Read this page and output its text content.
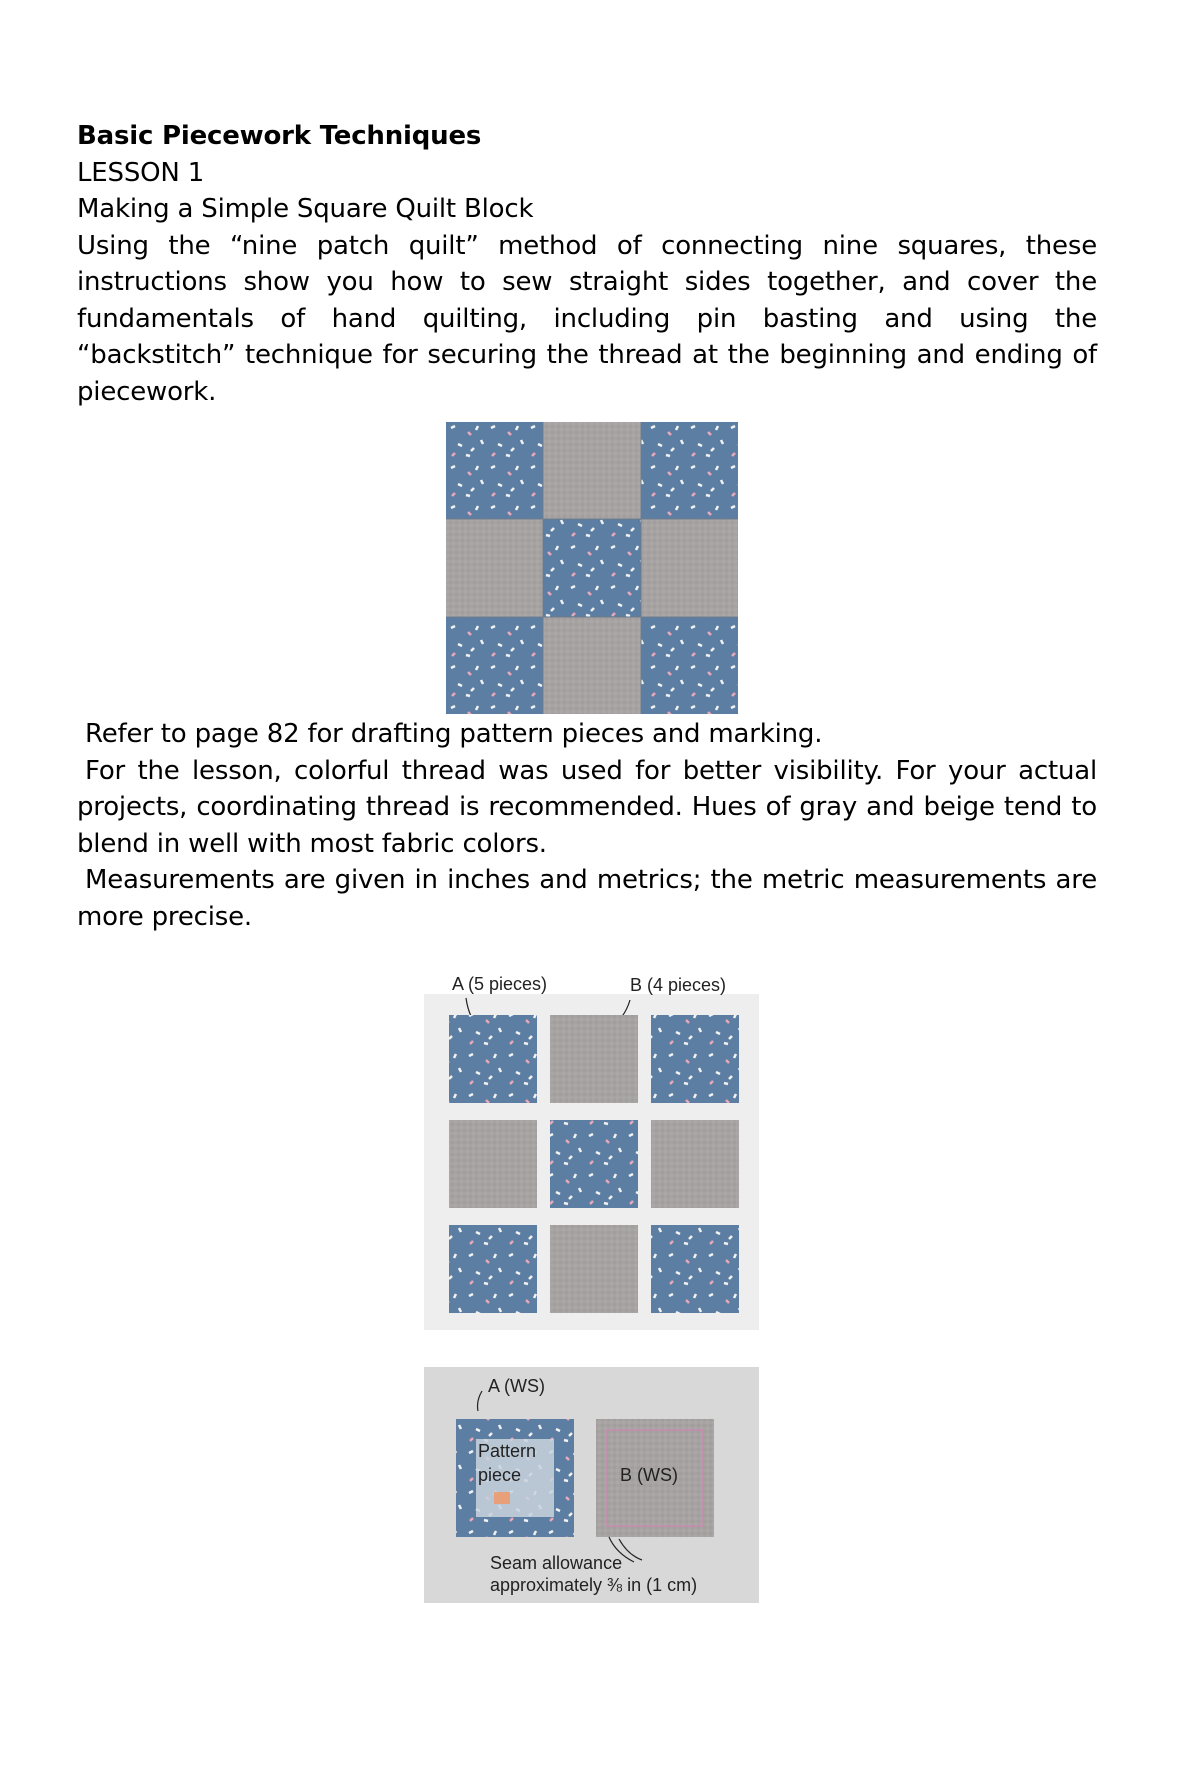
Basic Piecework Techniques
LESSON 1
Making a Simple Square Quilt Block

Using the “nine patch quilt” method of connecting nine squares, these instructions show you how to sew straight sides together, and cover the fundamentals of hand quilting, including pin basting and using the “backstitch” technique for securing the thread at the beginning and ending of piecework.

Refer to page 82 for drafting pattern pieces and marking.

For the lesson, colorful thread was used for better visibility. For your actual projects, coordinating thread is recommended. Hues of gray and beige tend to blend in well with most fabric colors.

Measurements are given in inches and metrics; the metric measurements are more precise.

A (5 pieces)	B (4 pieces)
A (WS)
Pattern
piece	B (WS)
Seam allowance
approximately ⅜ in (1 cm)
